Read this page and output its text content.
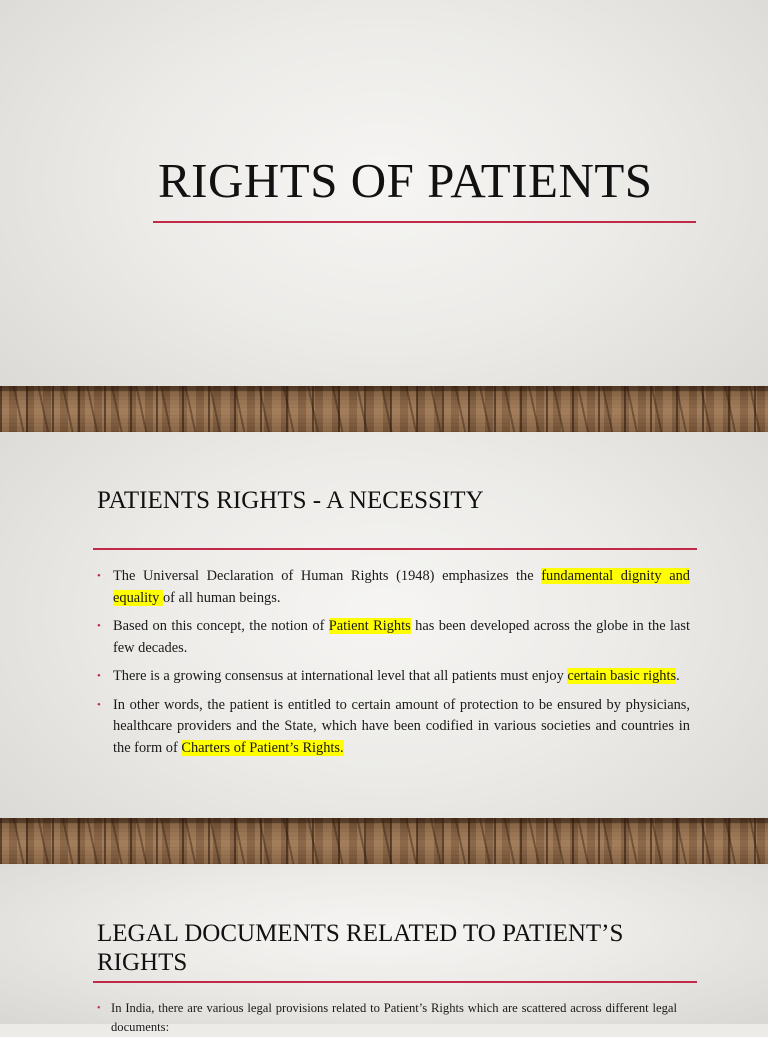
RIGHTS OF PATIENTS
PATIENTS RIGHTS - A NECESSITY
• The Universal Declaration of Human Rights (1948) emphasizes the fundamental dignity and equality of all human beings.
• Based on this concept, the notion of Patient Rights has been developed across the globe in the last few decades.
• There is a growing consensus at international level that all patients must enjoy certain basic rights.
• In other words, the patient is entitled to certain amount of protection to be ensured by physicians, healthcare providers and the State, which have been codified in various societies and countries in the form of Charters of Patient’s Rights.
LEGAL DOCUMENTS RELATED TO PATIENT’S RIGHTS
• In India, there are various legal provisions related to Patient’s Rights which are scattered across different legal documents:
